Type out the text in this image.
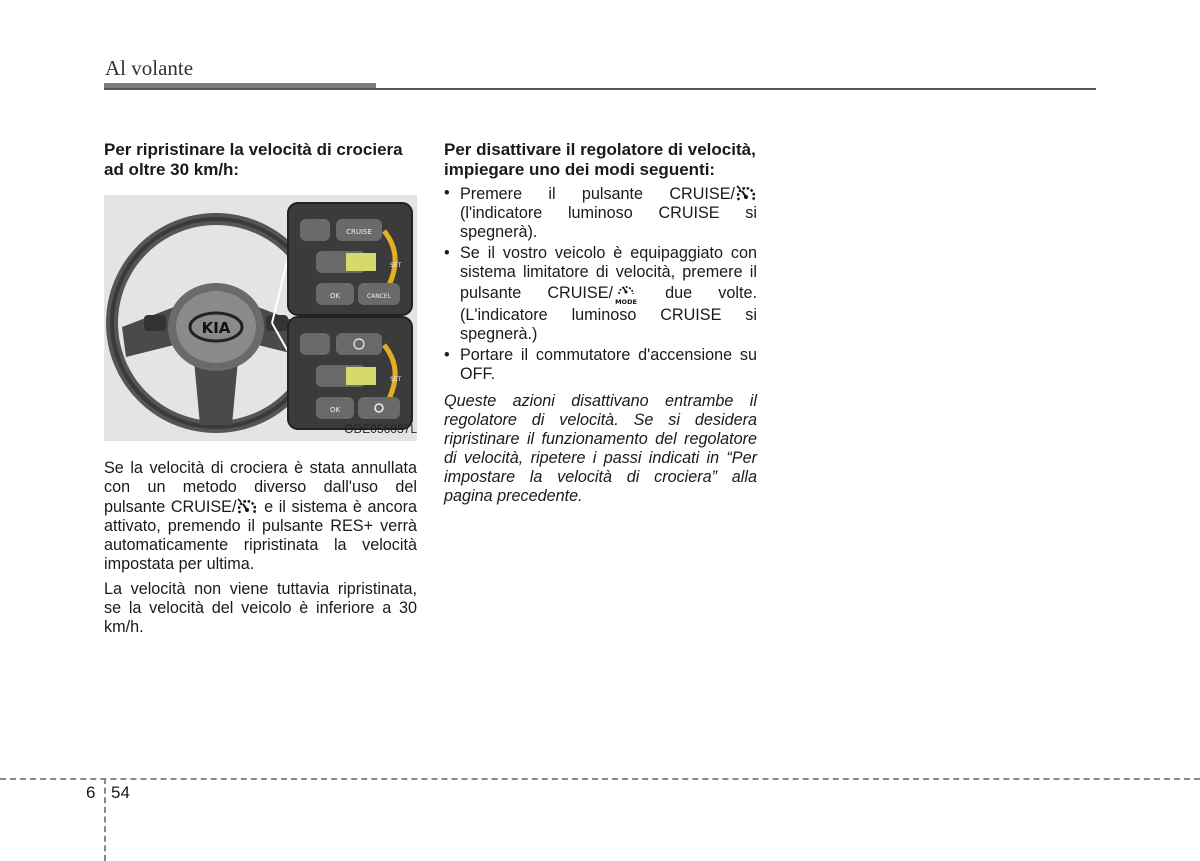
Al volante
Per ripristinare la velocità di crociera ad oltre 30 km/h:
KIA
CRUISE
SET
OK	CANCEL
SET
OK
ODE056037L

Se la velocità di crociera è stata annullata con un metodo diverso dall'uso del pulsante CRUISE/ e il sistema è ancora attivato, premendo il pulsante RES+ verrà automaticamente ripristinata la velocità impostata per ultima.

La velocità non viene tuttavia ripristinata, se la velocità del veicolo è inferiore a 30 km/h.

Per disattivare il regolatore di velocità, impiegare uno dei modi seguenti:
• Premere il pulsante CRUISE/ (l'indicatore luminoso CRUISE si spegnerà).
• Se il vostro veicolo è equipaggiato con sistema limitatore di velocità, premere il pulsante CRUISE/ MODE due volte. (L'indicatore luminoso CRUISE si spegnerà.)
• Portare il commutatore d'accensione su OFF.

Queste azioni disattivano entrambe il regolatore di velocità. Se si desidera ripristinare il funzionamento del regolatore di velocità, ripetere i passi indicati in “Per impostare la velocità di crociera” alla pagina precedente.

6 54
